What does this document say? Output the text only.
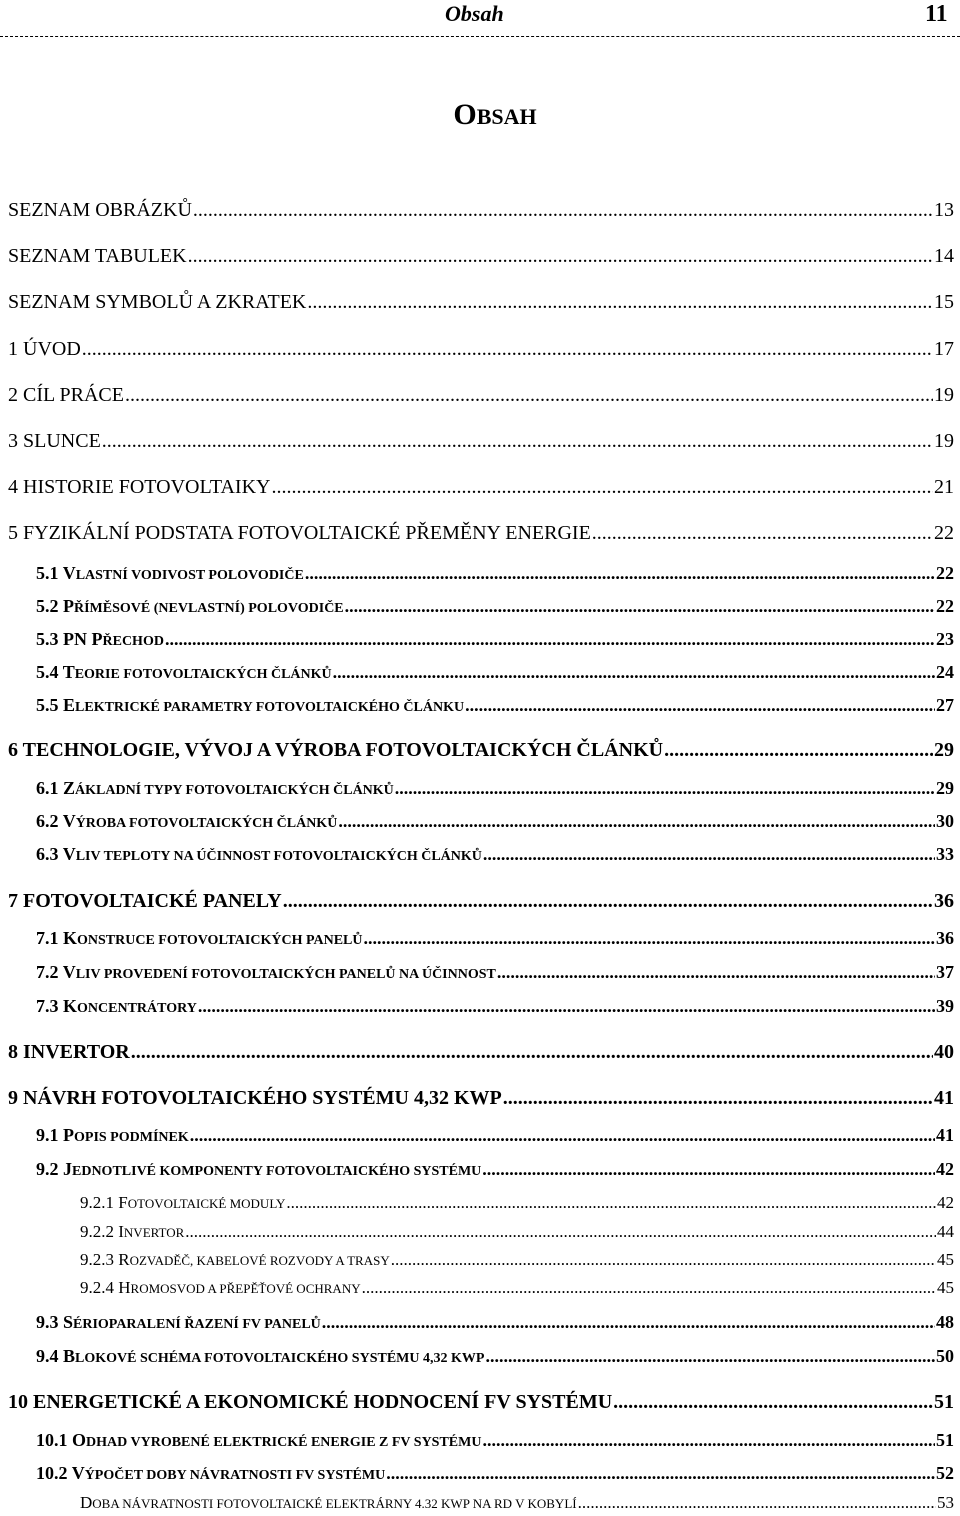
Obsah	11
OBSAH
SEZNAM OBRÁZKŮ .....	13
SEZNAM TABULEK .....	14
SEZNAM SYMBOLŮ A ZKRATEK .....	15
1 ÚVOD .....	17
2 CÍL PRÁCE .....	19
3 SLUNCE .....	19
4 HISTORIE FOTOVOLTAIKY .....	21
5 FYZIKÁLNÍ PODSTATA FOTOVOLTAICKÉ PŘEMĚNY ENERGIE .....	22
5.1 VLASTNÍ VODIVOST POLOVODIČE .....	22
5.2 PŘÍMĚSOVÉ (NEVLASTNÍ) POLOVODIČE .....	22
5.3 PN PŘECHOD .....	23
5.4 TEORIE FOTOVOLTAICKÝCH ČLÁNKŮ .....	24
5.5 ELEKTRICKÉ PARAMETRY FOTOVOLTAICKÉHO ČLÁNKU .....	27
6 TECHNOLOGIE, VÝVOJ A VÝROBA FOTOVOLTAICKÝCH ČLÁNKŮ .....	29
6.1 ZÁKLADNÍ TYPY FOTOVOLTAICKÝCH ČLÁNKŮ .....	29
6.2 VÝROBA FOTOVOLTAICKÝCH ČLÁNKŮ .....	30
6.3 VLIV TEPLOTY NA ÚČINNOST FOTOVOLTAICKÝCH ČLÁNKŮ .....	33
7 FOTOVOLTAICKÉ PANELY .....	36
7.1 KONSTRUCE FOTOVOLTAICKÝCH PANELŮ .....	36
7.2 VLIV PROVEDENÍ FOTOVOLTAICKÝCH PANELŮ NA ÚČINNOST .....	37
7.3 KONCENTRÁTORY .....	39
8 INVERTOR .....	40
9 NÁVRH FOTOVOLTAICKÉHO SYSTÉMU 4,32 KWP .....	41
9.1 POPIS PODMÍNEK .....	41
9.2 JEDNOTLIVÉ KOMPONENTY FOTOVOLTAICKÉHO SYSTÉMU .....	42
9.2.1 FOTOVOLTAICKÉ MODULY .....	42
9.2.2 INVERTOR .....	44
9.2.3 ROZVADĚČ, KABELOVÉ ROZVODY A TRASY .....	45
9.2.4 HROMOSVOD A PŘEPĚŤOVÉ OCHRANY .....	45
9.3 SÉRIOPARALENÍ ŘAZENÍ FV PANELŮ .....	48
9.4 BLOKOVÉ SCHÉMA FOTOVOLTAICKÉHO SYSTÉMU 4,32 KWP .....	50
10 ENERGETICKÉ A EKONOMICKÉ HODNOCENÍ FV SYSTÉMU .....	51
10.1 ODHAD VYROBENÉ ELEKTRICKÉ ENERGIE Z FV SYSTÉMU .....	51
10.2 VÝPOČET DOBY NÁVRATNOSTI FV SYSTÉMU .....	52
DOBA NÁVRATNOSTI FOTOVOLTAICKÉ ELEKTRÁRNY 4.32 KWP NA RD V KOBYLÍ .....	53
